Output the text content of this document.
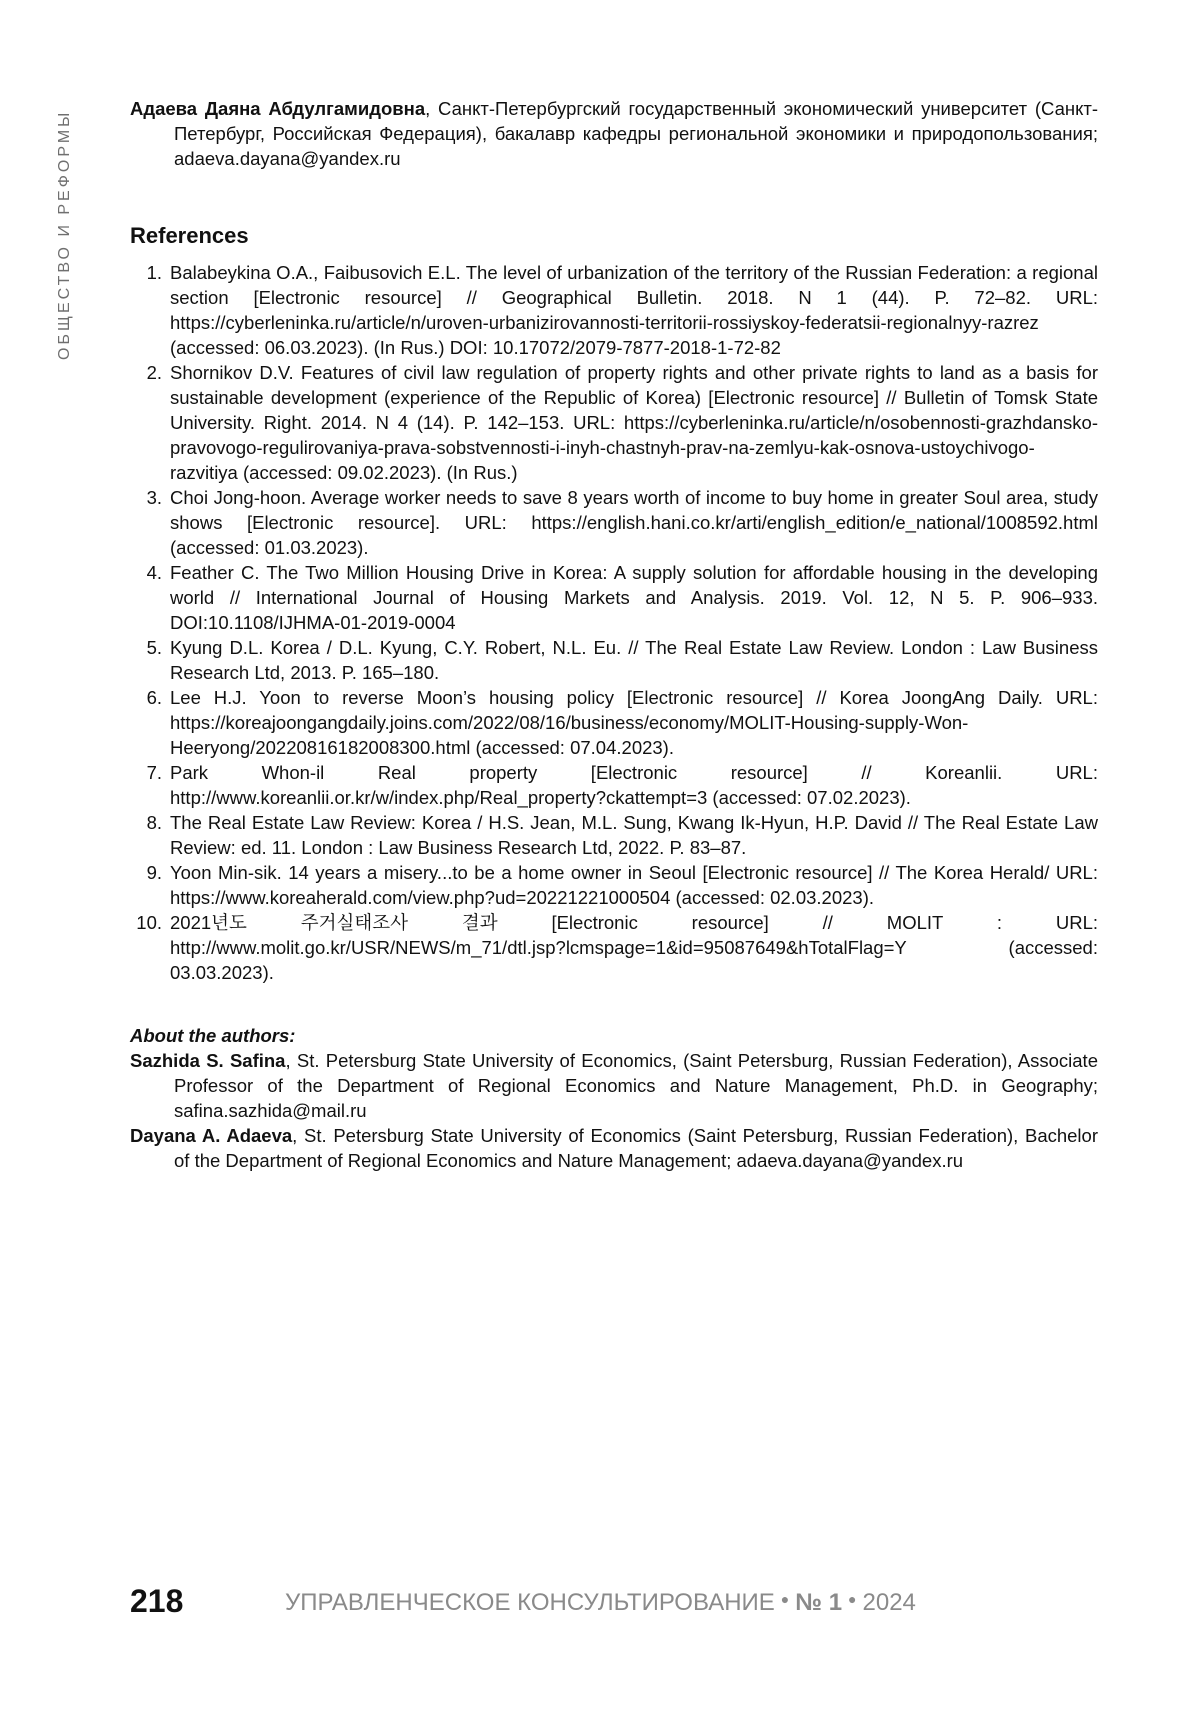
ОБЩЕСТВО И РЕФОРМЫ

Адаева Даяна Абдулгамидовна, Санкт-Петербургский государственный экономический университет (Санкт-Петербург, Российская Федерация), бакалавр кафедры региональной экономики и природопользования; adaeva.dayana@yandex.ru

References
1. Balabeykina O.A., Faibusovich E.L. The level of urbanization of the territory of the Russian Federation: a regional section [Electronic resource] // Geographical Bulletin. 2018. N 1 (44). P. 72–82. URL: https://cyberleninka.ru/article/n/uroven-urbanizirovannosti-territorii-rossiyskoy-federatsii-regionalnyy-razrez (accessed: 06.03.2023). (In Rus.) DOI: 10.17072/2079-7877-2018-1-72-82
2. Shornikov D.V. Features of civil law regulation of property rights and other private rights to land as a basis for sustainable development (experience of the Republic of Korea) [Electronic resource] // Bulletin of Tomsk State University. Right. 2014. N 4 (14). P. 142–153. URL: https://cyberleninka.ru/article/n/osobennosti-grazhdansko-pravovogo-regulirovaniya-prava-sobstvennosti-i-inyh-chastnyh-prav-na-zemlyu-kak-osnova-ustoychivogo-razvitiya (accessed: 09.02.2023). (In Rus.)
3. Choi Jong-hoon. Average worker needs to save 8 years worth of income to buy home in greater Soul area, study shows [Electronic resource]. URL: https://english.hani.co.kr/arti/english_edition/e_national/1008592.html (accessed: 01.03.2023).
4. Feather C. The Two Million Housing Drive in Korea: A supply solution for affordable housing in the developing world // International Journal of Housing Markets and Analysis. 2019. Vol. 12, N 5. P. 906–933. DOI:10.1108/IJHMA-01-2019-0004
5. Kyung D.L. Korea / D.L. Kyung, C.Y. Robert, N.L. Eu. // The Real Estate Law Review. London : Law Business Research Ltd, 2013. P. 165–180.
6. Lee H.J. Yoon to reverse Moon’s housing policy [Electronic resource] // Korea JoongAng Daily. URL: https://koreajoongangdaily.joins.com/2022/08/16/business/economy/MOLIT-Housing-supply-Won-Heeryong/20220816182008300.html (accessed: 07.04.2023).
7. Park Whon-il Real property [Electronic resource] // Koreanlii. URL: http://www.koreanlii.or.kr/w/index.php/Real_property?ckattempt=3 (accessed: 07.02.2023).
8. The Real Estate Law Review: Korea / H.S. Jean, M.L. Sung, Kwang Ik-Hyun, H.P. David // The Real Estate Law Review: ed. 11. London : Law Business Research Ltd, 2022. P. 83–87.
9. Yoon Min-sik. 14 years a misery...to be a home owner in Seoul [Electronic resource] // The Korea Herald/ URL: https://www.koreaherald.com/view.php?ud=20221221000504 (accessed: 02.03.2023).
10. 2021년도 주거실태조사 결과 [Electronic resource] // MOLIT : URL: http://www.molit.go.kr/USR/NEWS/m_71/dtl.jsp?lcmspage=1&id=95087649&hTotalFlag=Y (accessed: 03.03.2023).
About the authors:

Sazhida S. Safina, St. Petersburg State University of Economics, (Saint Petersburg, Russian Federation), Associate Professor of the Department of Regional Economics and Nature Management, Ph.D. in Geography; safina.sazhida@mail.ru

Dayana A. Adaeva, St. Petersburg State University of Economics (Saint Petersburg, Russian Federation), Bachelor of the Department of Regional Economics and Nature Management; adaeva.dayana@yandex.ru

218	УПРАВЛЕНЧЕСКОЕ КОНСУЛЬТИРОВАНИЕ ● № 1 ● 2024
